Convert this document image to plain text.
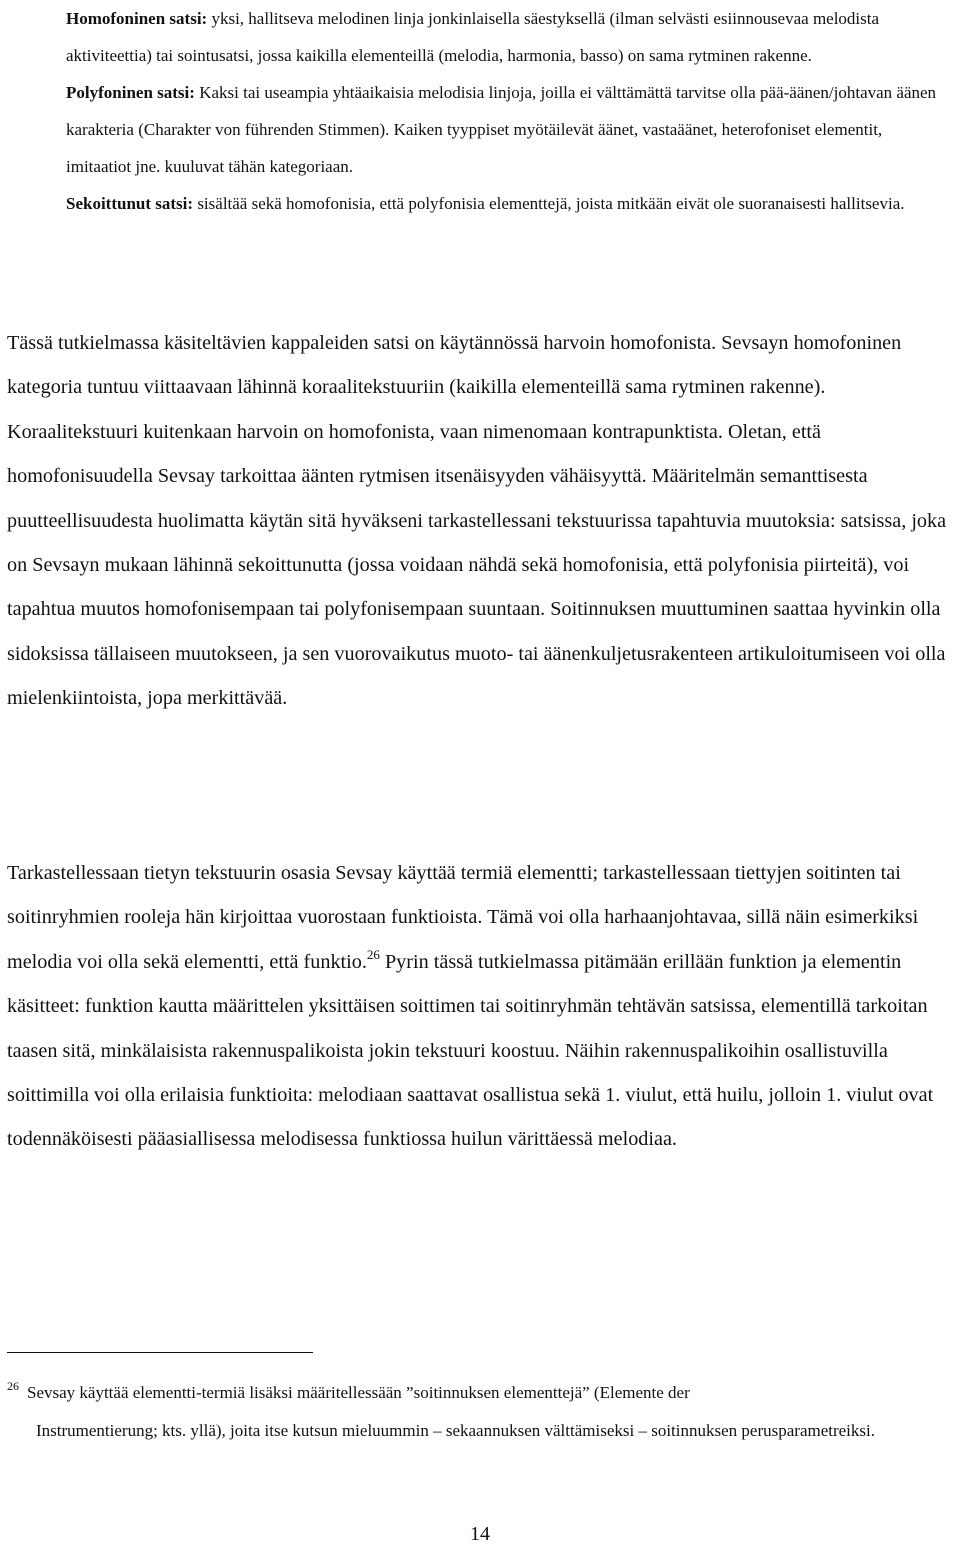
Homofoninen satsi: yksi, hallitseva melodinen linja jonkinlaisella säestyksellä (ilman selvästi esiinnousevaa melodista aktiviteettia) tai sointusatsi, jossa kaikilla elementeillä (melodia, harmonia, basso) on sama rytminen rakenne.

Polyfoninen satsi: Kaksi tai useampia yhtäaikaisia melodisia linjoja, joilla ei välttämättä tarvitse olla pää-äänen/johtavan äänen karakteria (Charakter von führenden Stimmen). Kaiken tyyppiset myötäilevät äänet, vastaäänet, heterofoniset elementit, imitaatiot jne. kuuluvat tähän kategoriaan.

Sekoittunut satsi: sisältää sekä homofonisia, että polyfonisia elementtejä, joista mitkään eivät ole suoranaisesti hallitsevia.

Tässä tutkielmassa käsiteltävien kappaleiden satsi on käytännössä harvoin homofonista. Sevsayn homofoninen kategoria tuntuu viittaavaan lähinnä koraalitekstuuriin (kaikilla elementeillä sama rytminen rakenne). Koraalitekstuuri kuitenkaan harvoin on homofonista, vaan nimenomaan kontrapunktista. Oletan, että homofonisuudella Sevsay tarkoittaa äänten rytmisen itsenäisyyden vähäisyyttä. Määritelmän semanttisesta puutteellisuudesta huolimatta käytän sitä hyväkseni tarkastellessani tekstuurissa tapahtuvia muutoksia: satsissa, joka on Sevsayn mukaan lähinnä sekoittunutta (jossa voidaan nähdä sekä homofonisia, että polyfonisia piirteitä), voi tapahtua muutos homofonisempaan tai polyfonisempaan suuntaan. Soitinnuksen muuttuminen saattaa hyvinkin olla sidoksissa tällaiseen muutokseen, ja sen vuorovaikutus muoto- tai äänenkuljetusrakenteen artikuloitumiseen voi olla mielenkiintoista, jopa merkittävää.

Tarkastellessaan tietyn tekstuurin osasia Sevsay käyttää termiä elementti; tarkastellessaan tiettyjen soitinten tai soitinryhmien rooleja hän kirjoittaa vuorostaan funktioista. Tämä voi olla harhaanjohtavaa, sillä näin esimerkiksi melodia voi olla sekä elementti, että funktio.$^{26}$ Pyrin tässä tutkielmassa pitämään erillään funktion ja elementin käsitteet: funktion kautta määrittelen yksittäisen soittimen tai soitinryhmän tehtävän satsissa, elementillä tarkoitan taasen sitä, minkälaisista rakennuspalikoista jokin tekstuuri koostuu. Näihin rakennuspalikoihin osallistuvilla soittimilla voi olla erilaisia funktioita: melodiaan saattavat osallistua sekä 1. viulut, että huilu, jolloin 1. viulut ovat todennäköisesti pääasiallisessa melodisessa funktiossa huilun värittäessä melodiaa.

$^{26}$ Sevsay käyttää elementti-termiä lisäksi määritellessään ”soitinnuksen elementtejä” (Elemente der
Instrumentierung; kts. yllä), joita itse kutsun mieluummin – sekaannuksen välttämiseksi – soitinnuksen perusparametreiksi.

14
